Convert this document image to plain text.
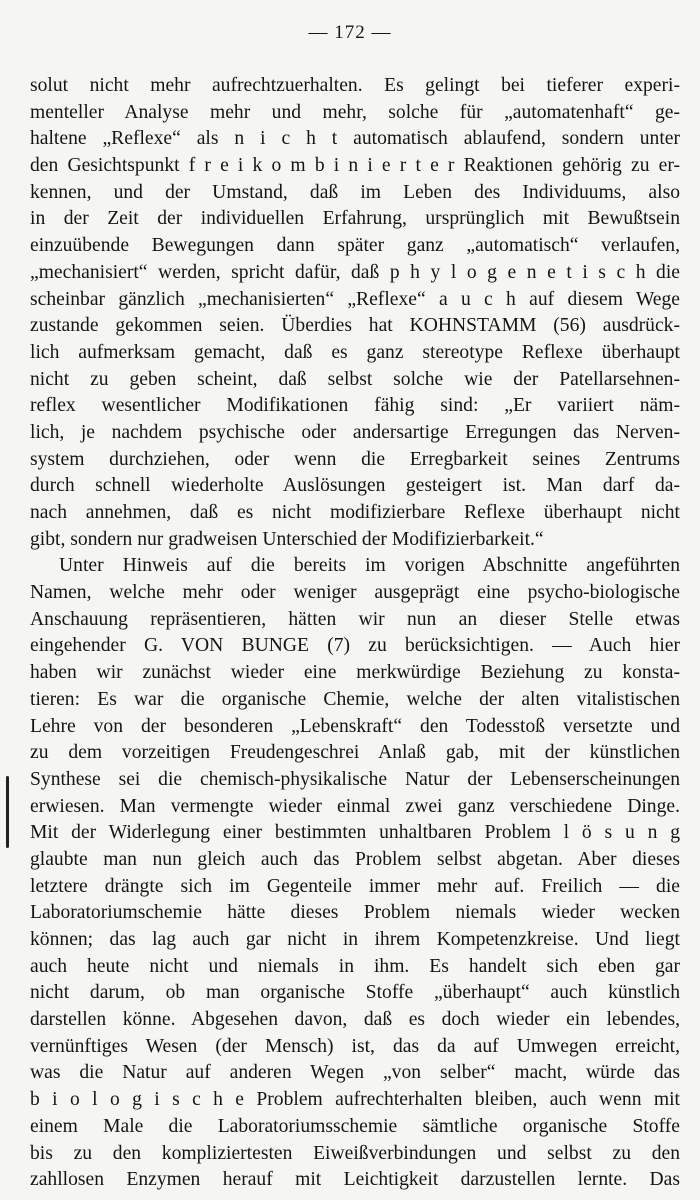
— 172 —
solut nicht mehr aufrechtzuerhalten. Es gelingt bei tieferer experi-
menteller Analyse mehr und mehr, solche für „automatenhaft“ ge-
haltene „Reflexe“ als n i c h t automatisch ablaufend, sondern unter
den Gesichtspunkt f r e i k o m b i n i e r t e r Reaktionen gehörig zu er-
kennen, und der Umstand, daß im Leben des Individuums, also
in der Zeit der individuellen Erfahrung, ursprünglich mit Bewußtsein
einzuübende Bewegungen dann später ganz „automatisch“ verlaufen,
„mechanisiert“ werden, spricht dafür, daß p h y l o g e n e t i s c h die
scheinbar gänzlich „mechanisierten“ „Reflexe“ a u c h auf diesem Wege
zustande gekommen seien. Überdies hat KOHNSTAMM (56) ausdrück-
lich aufmerksam gemacht, daß es ganz stereotype Reflexe überhaupt
nicht zu geben scheint, daß selbst solche wie der Patellarsehnen-
reflex wesentlicher Modifikationen fähig sind: „Er variiert näm-
lich, je nachdem psychische oder andersartige Erregungen das Nerven-
system durchziehen, oder wenn die Erregbarkeit seines Zentrums
durch schnell wiederholte Auslösungen gesteigert ist. Man darf da-
nach annehmen, daß es nicht modifizierbare Reflexe überhaupt nicht
gibt, sondern nur gradweisen Unterschied der Modifizierbarkeit.“
Unter Hinweis auf die bereits im vorigen Abschnitte angeführten
Namen, welche mehr oder weniger ausgeprägt eine psycho-biologische
Anschauung repräsentieren, hätten wir nun an dieser Stelle etwas
eingehender G. VON BUNGE (7) zu berücksichtigen. — Auch hier
haben wir zunächst wieder eine merkwürdige Beziehung zu konsta-
tieren: Es war die organische Chemie, welche der alten vitalistischen
Lehre von der besonderen „Lebenskraft“ den Todesstoß versetzte und
zu dem vorzeitigen Freudengeschrei Anlaß gab, mit der künstlichen
Synthese sei die chemisch-physikalische Natur der Lebenserscheinungen
erwiesen. Man vermengte wieder einmal zwei ganz verschiedene Dinge.
Mit der Widerlegung einer bestimmten unhaltbaren Problem l ö s u n g
glaubte man nun gleich auch das Problem selbst abgetan. Aber dieses
letztere drängte sich im Gegenteile immer mehr auf. Freilich — die
Laboratoriumschemie hätte dieses Problem niemals wieder wecken
können; das lag auch gar nicht in ihrem Kompetenzkreise. Und liegt
auch heute nicht und niemals in ihm. Es handelt sich eben gar
nicht darum, ob man organische Stoffe „überhaupt“ auch künstlich
darstellen könne. Abgesehen davon, daß es doch wieder ein lebendes,
vernünftiges Wesen (der Mensch) ist, das da auf Umwegen erreicht,
was die Natur auf anderen Wegen „von selber“ macht, würde das
b i o l o g i s c h e Problem aufrechterhalten bleiben, auch wenn mit
einem Male die Laboratoriumsschemie sämtliche organische Stoffe
bis zu den kompliziertesten Eiweißverbindungen und selbst zu den
zahllosen Enzymen herauf mit Leichtigkeit darzustellen lernte. Das
